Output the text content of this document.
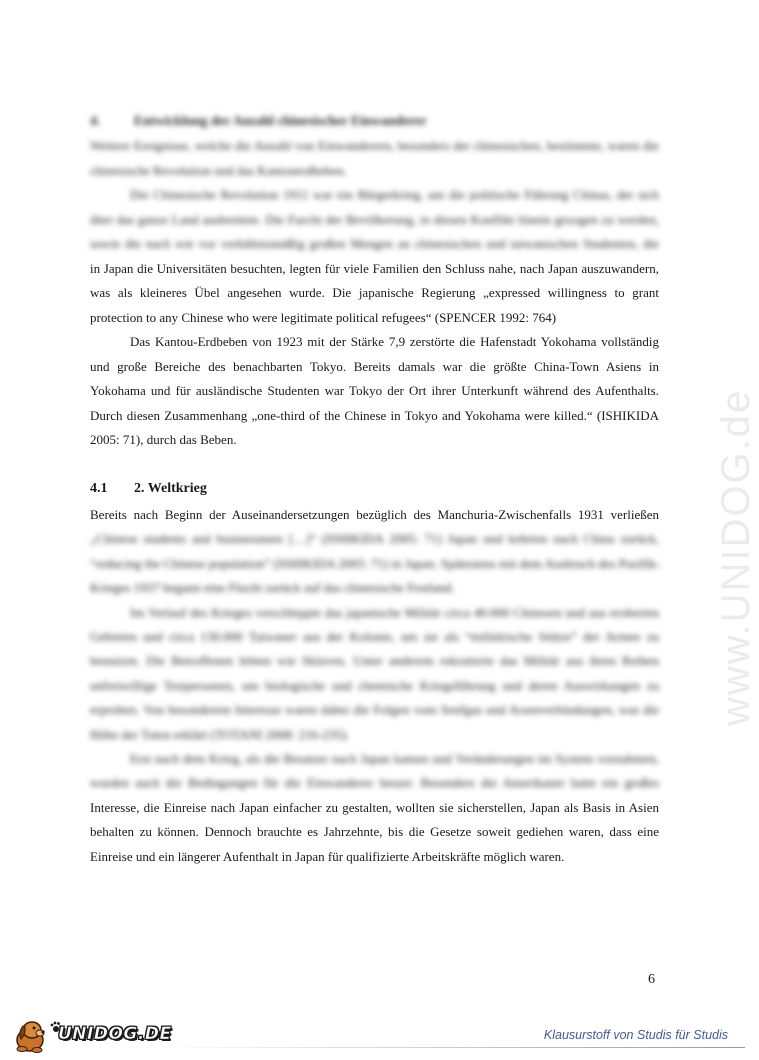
www.UNIDOG.de
4.	Entwicklung der Anzahl chinesischer Einwanderer
Weitere Ereignisse, welche die Anzahl von Einwanderern, besonders der chinesischen, bestimmte, waren die
chinesische Revolution und das Kantouerdbeben.
Die Chinesische Revolution 1911 war ein Bürgerkrieg, um die politische Führung Chinas, der sich
über das ganze Land ausbreitete. Die Furcht der Bevölkerung, in diesen Konflikt hinein gezogen zu werden,
sowie die nach wie vor verhältnismäßig großen Mengen an chinesischen und taiwanischen Studenten, die
in Japan die Universitäten besuchten, legten für viele Familien den Schluss nahe, nach Japan auszuwandern,
was als kleineres Übel angesehen wurde. Die japanische Regierung „expressed willingness to grant
protection to any Chinese who were legitimate political refugees“ (SPENCER 1992: 764)
Das Kantou-Erdbeben von 1923 mit der Stärke 7,9 zerstörte die Hafenstadt Yokohama vollständig
und große Bereiche des benachbarten Tokyo. Bereits damals war die größte China-Town Asiens in
Yokohama und für ausländische Studenten war Tokyo der Ort ihrer Unterkunft während des Aufenthalts.
Durch diesen Zusammenhang „one-third of the Chinese in Tokyo and Yokohama were killed.“ (ISHIKIDA
2005: 71), durch das Beben.
4.1 2. Weltkrieg
Bereits nach Beginn der Auseinandersetzungen bezüglich des Manchuria-Zwischenfalls 1931 verließen
„Chinese students and businessmen […]“ (ISHIKIDA 2005: 71) Japan und kehrten nach China zurück,
“reducing the Chinese population” (ISHIKIDA 2005: 71) in Japan. Spätestens mit dem Ausbruch des Pazifik-
Krieges 1937 begann eine Flucht zurück auf das chinesische Festland.
Im Verlauf des Krieges verschleppte das japanische Militär circa 40.000 Chinesen und aus eroberten
Gebieten und circa 130.000 Taiwaner aus der Kolonie, um sie als “militärische Stütze” der Armee zu
benutzen. Die Betroffenen lebten wie Sklaven. Unter anderem rekrutierte das Militär aus ihren Reihen
unfreiwillige Testpersonen, um biologische und chemische Kriegsführung und deren Auswirkungen zu
erproben. Von besonderem Interesse waren dabei die Folgen vom Senfgas und Arsenverbindungen, was die
Höhe der Toten erklärt (TOTANI 2008: 216-235).
Erst nach dem Krieg, als die Besatzer nach Japan kamen und Veränderungen im System vornahmen,
wurden auch die Bedingungen für die Einwanderer besser. Besonders die Amerikaner hatte ein großes
Interesse, die Einreise nach Japan einfacher zu gestalten, wollten sie sicherstellen, Japan als Basis in Asien
behalten zu können. Dennoch brauchte es Jahrzehnte, bis die Gesetze soweit gediehen waren, dass eine
Einreise und ein längerer Aufenthalt in Japan für qualifizierte Arbeitskräfte möglich waren.
6
UNIDOG.DE	Klausurstoff von Studis für Studis
